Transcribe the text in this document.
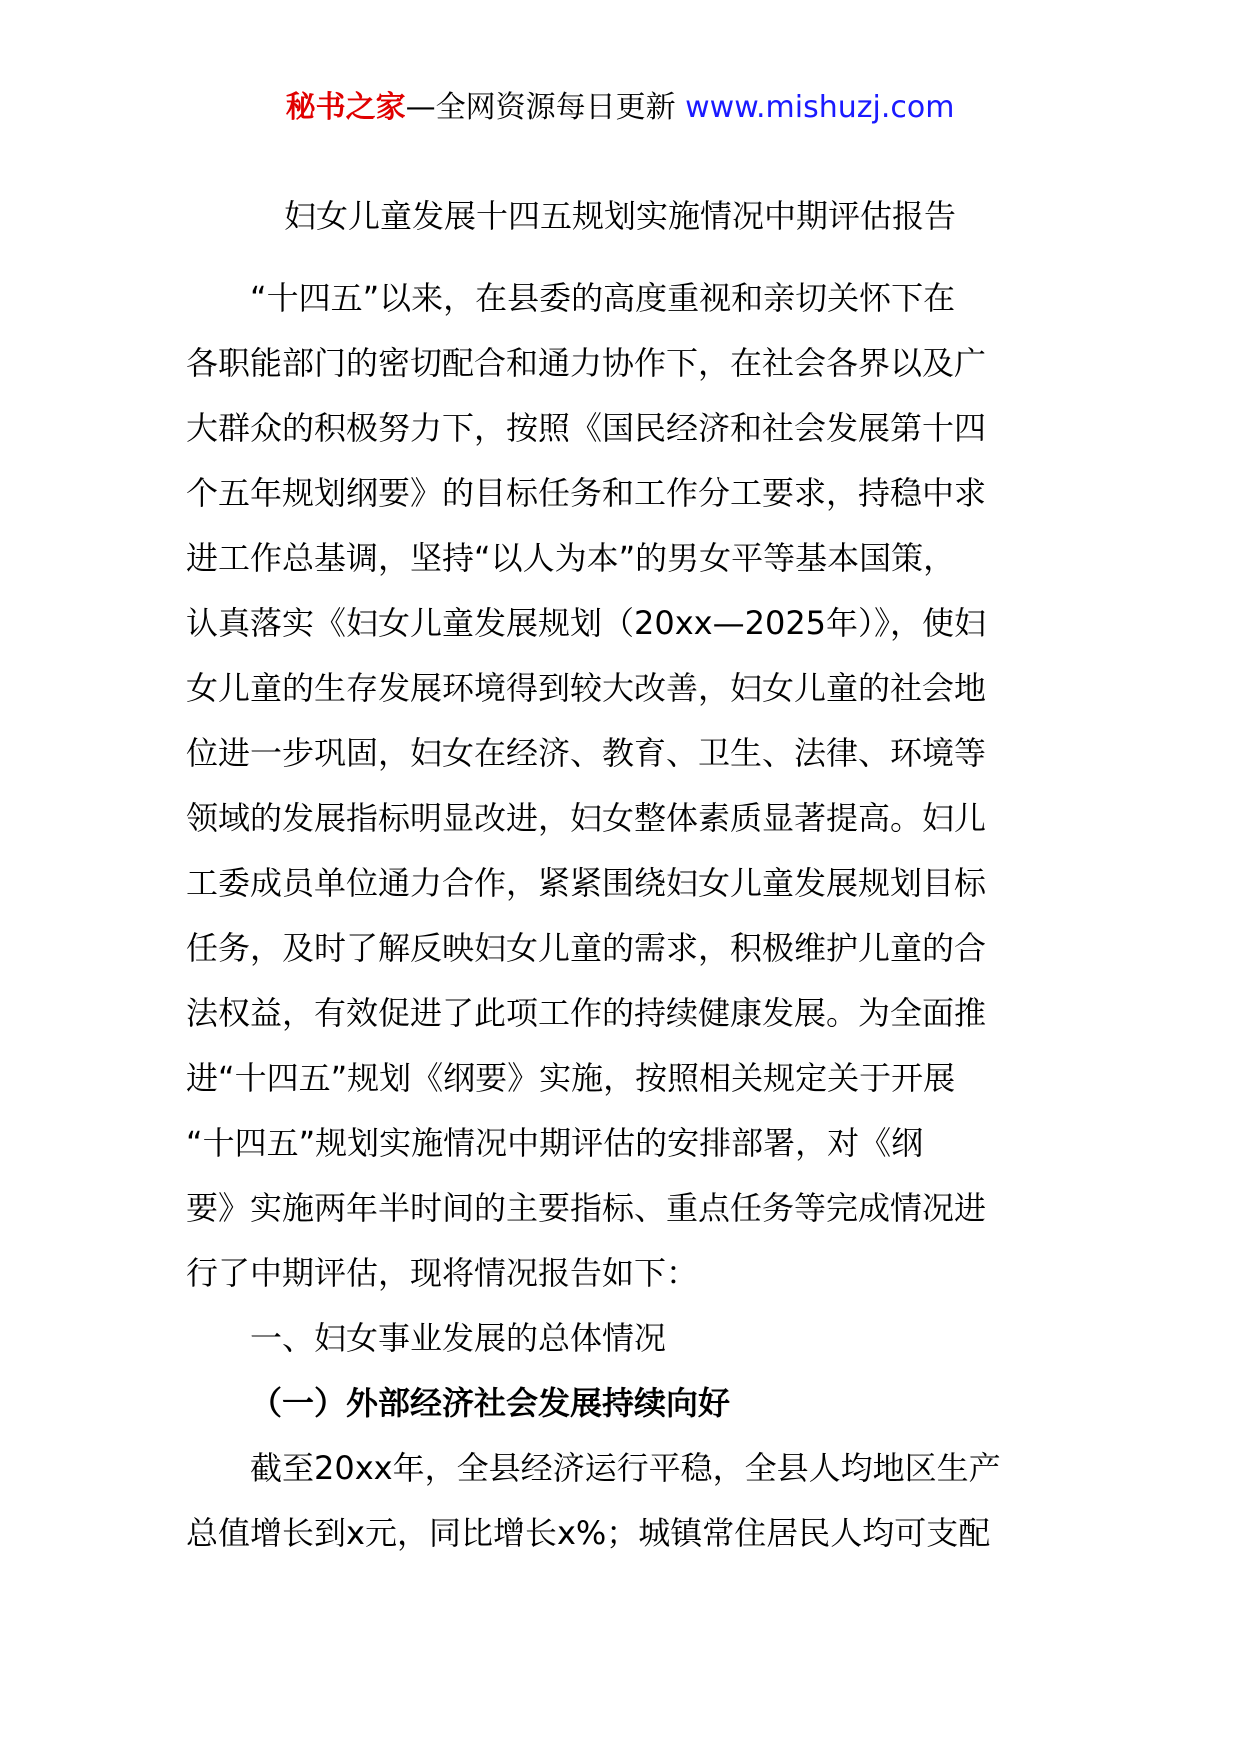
秘书之家—全网资源每日更新 www.mishuzj.com
妇女儿童发展十四五规划实施情况中期评估报告
“十四五”以来，在县委的高度重视和亲切关怀下在
各职能部门的密切配合和通力协作下，在社会各界以及广
大群众的积极努力下，按照《国民经济和社会发展第十四
个五年规划纲要》的目标任务和工作分工要求，持稳中求
进工作总基调，坚持“以人为本”的男女平等基本国策，
认真落实《妇女儿童发展规划（20xx—2025年）》，使妇
女儿童的生存发展环境得到较大改善，妇女儿童的社会地
位进一步巩固，妇女在经济、教育、卫生、法律、环境等
领域的发展指标明显改进，妇女整体素质显著提高。妇儿
工委成员单位通力合作，紧紧围绕妇女儿童发展规划目标
任务，及时了解反映妇女儿童的需求，积极维护儿童的合
法权益，有效促进了此项工作的持续健康发展。为全面推
进“十四五”规划《纲要》实施，按照相关规定关于开展
“十四五”规划实施情况中期评估的安排部署，对《纲
要》实施两年半时间的主要指标、重点任务等完成情况进
行了中期评估，现将情况报告如下：
一、妇女事业发展的总体情况
（一）外部经济社会发展持续向好
截至20xx年，全县经济运行平稳，全县人均地区生产
总值增长到x元，同比增长x%；城镇常住居民人均可支配
